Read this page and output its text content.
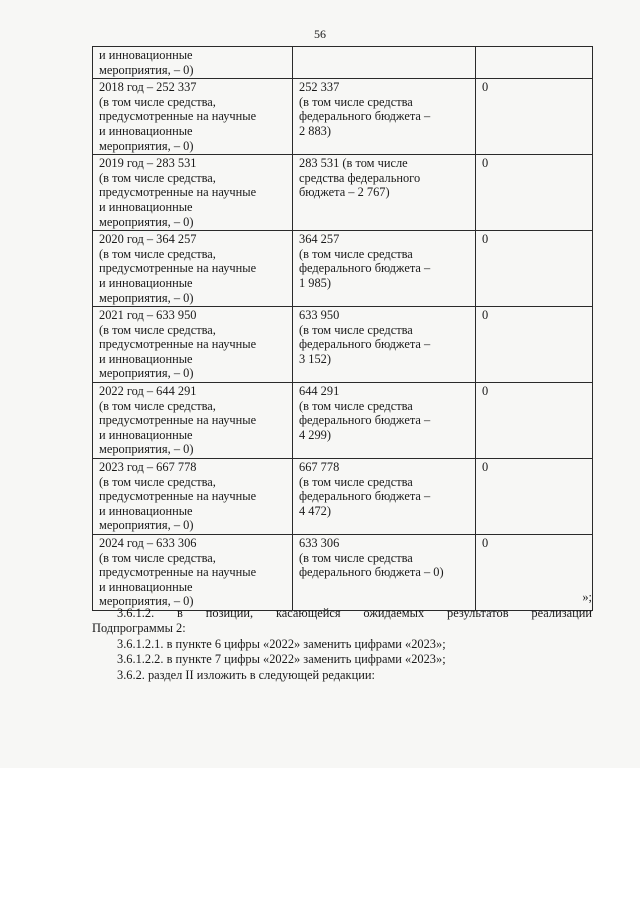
56
и инновационные
мероприятия, – 0)		

2018 год – 252 337
(в том числе средства,
предусмотренные на научные
и инновационные
мероприятия, – 0)	252 337
(в том числе средства
федерального бюджета –
2 883)	0

2019 год – 283 531
(в том числе средства,
предусмотренные на научные
и инновационные
мероприятия, – 0)	283 531 (в том числе
средства федерального
бюджета – 2 767)	0

2020 год – 364 257
(в том числе средства,
предусмотренные на научные
и инновационные
мероприятия, – 0)	364 257
(в том числе средства
федерального бюджета –
1 985)	0

2021 год – 633 950
(в том числе средства,
предусмотренные на научные
и инновационные
мероприятия, – 0)	633 950
(в том числе средства
федерального бюджета –
3 152)	0

2022 год – 644 291
(в том числе средства,
предусмотренные на научные
и инновационные
мероприятия, – 0)	644 291
(в том числе средства
федерального бюджета –
4 299)	0

2023 год – 667 778
(в том числе средства,
предусмотренные на научные
и инновационные
мероприятия, – 0)	667 778
(в том числе средства
федерального бюджета –
4 472)	0

2024 год – 633 306
(в том числе средства,
предусмотренные на научные
и инновационные
мероприятия, – 0)	633 306
(в том числе средства
федерального бюджета – 0)	0
»;
3.6.1.2. в позиции, касающейся ожидаемых результатов реализации
Подпрограммы 2:
3.6.1.2.1. в пункте 6 цифры «2022» заменить цифрами «2023»;
3.6.1.2.2. в пункте 7 цифры «2022» заменить цифрами «2023»;
3.6.2. раздел II изложить в следующей редакции:
